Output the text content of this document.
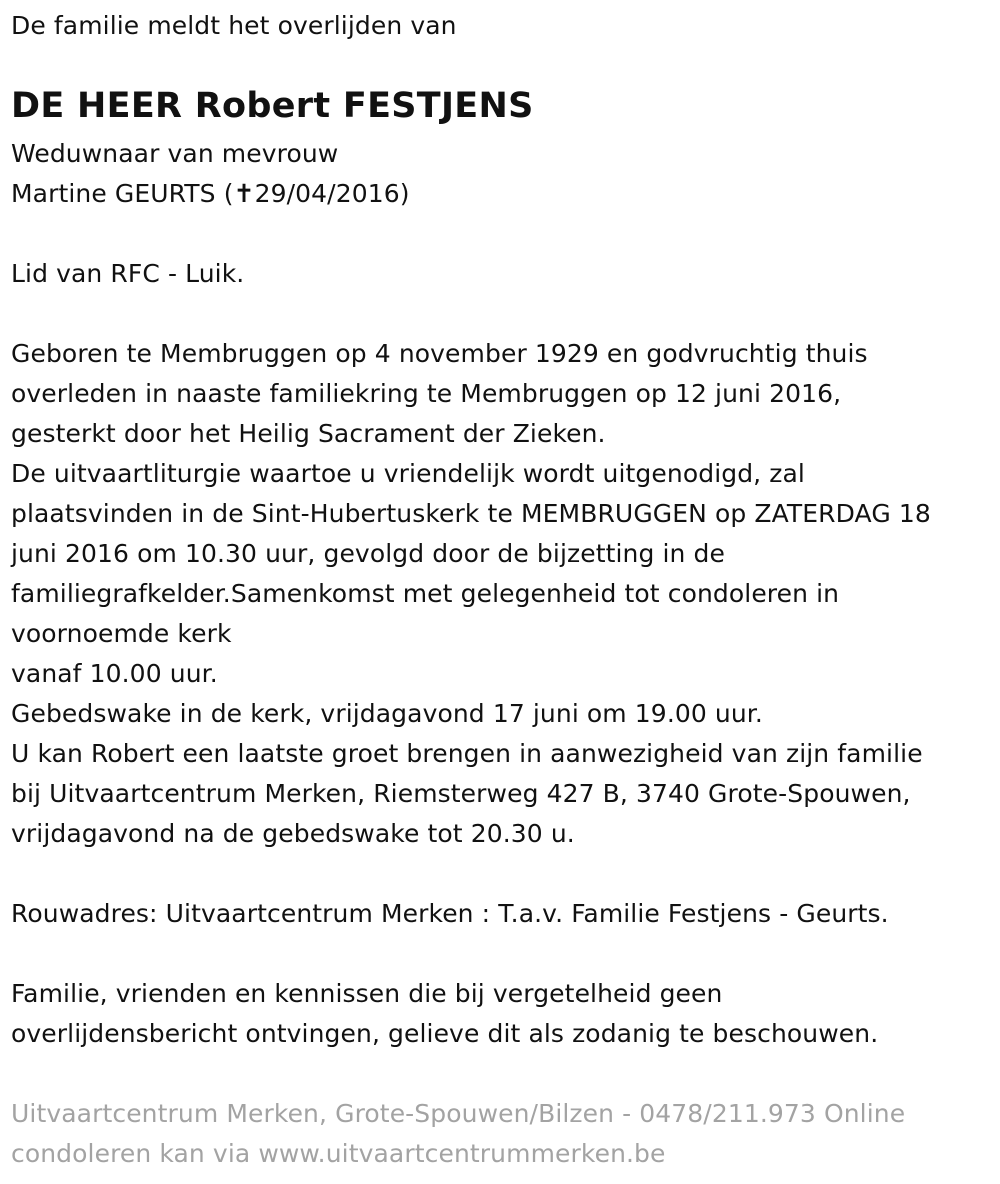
De familie meldt het overlijden van
DE HEER Robert FESTJENS
Weduwnaar van mevrouw
Martine GEURTS (✝29/04/2016)
Lid van RFC - Luik.
Geboren te Membruggen op 4 november 1929 en godvruchtig thuis
overleden in naaste familiekring te Membruggen op 12 juni 2016,
gesterkt door het Heilig Sacrament der Zieken.
De uitvaartliturgie waartoe u vriendelijk wordt uitgenodigd, zal
plaatsvinden in de Sint-Hubertuskerk te MEMBRUGGEN op ZATERDAG 18
juni 2016 om 10.30 uur, gevolgd door de bijzetting in de
familiegrafkelder.Samenkomst met gelegenheid tot condoleren in
voornoemde kerk
vanaf 10.00 uur.
Gebedswake in de kerk, vrijdagavond 17 juni om 19.00 uur.
U kan Robert een laatste groet brengen in aanwezigheid van zijn familie
bij Uitvaartcentrum Merken, Riemsterweg 427 B, 3740 Grote-Spouwen,
vrijdagavond na de gebedswake tot 20.30 u.
Rouwadres: Uitvaartcentrum Merken : T.a.v. Familie Festjens - Geurts.
Familie, vrienden en kennissen die bij vergetelheid geen
overlijdensbericht ontvingen, gelieve dit als zodanig te beschouwen.
Uitvaartcentrum Merken, Grote-Spouwen/Bilzen - 0478/211.973 Online
condoleren kan via www.uitvaartcentrummerken.be
